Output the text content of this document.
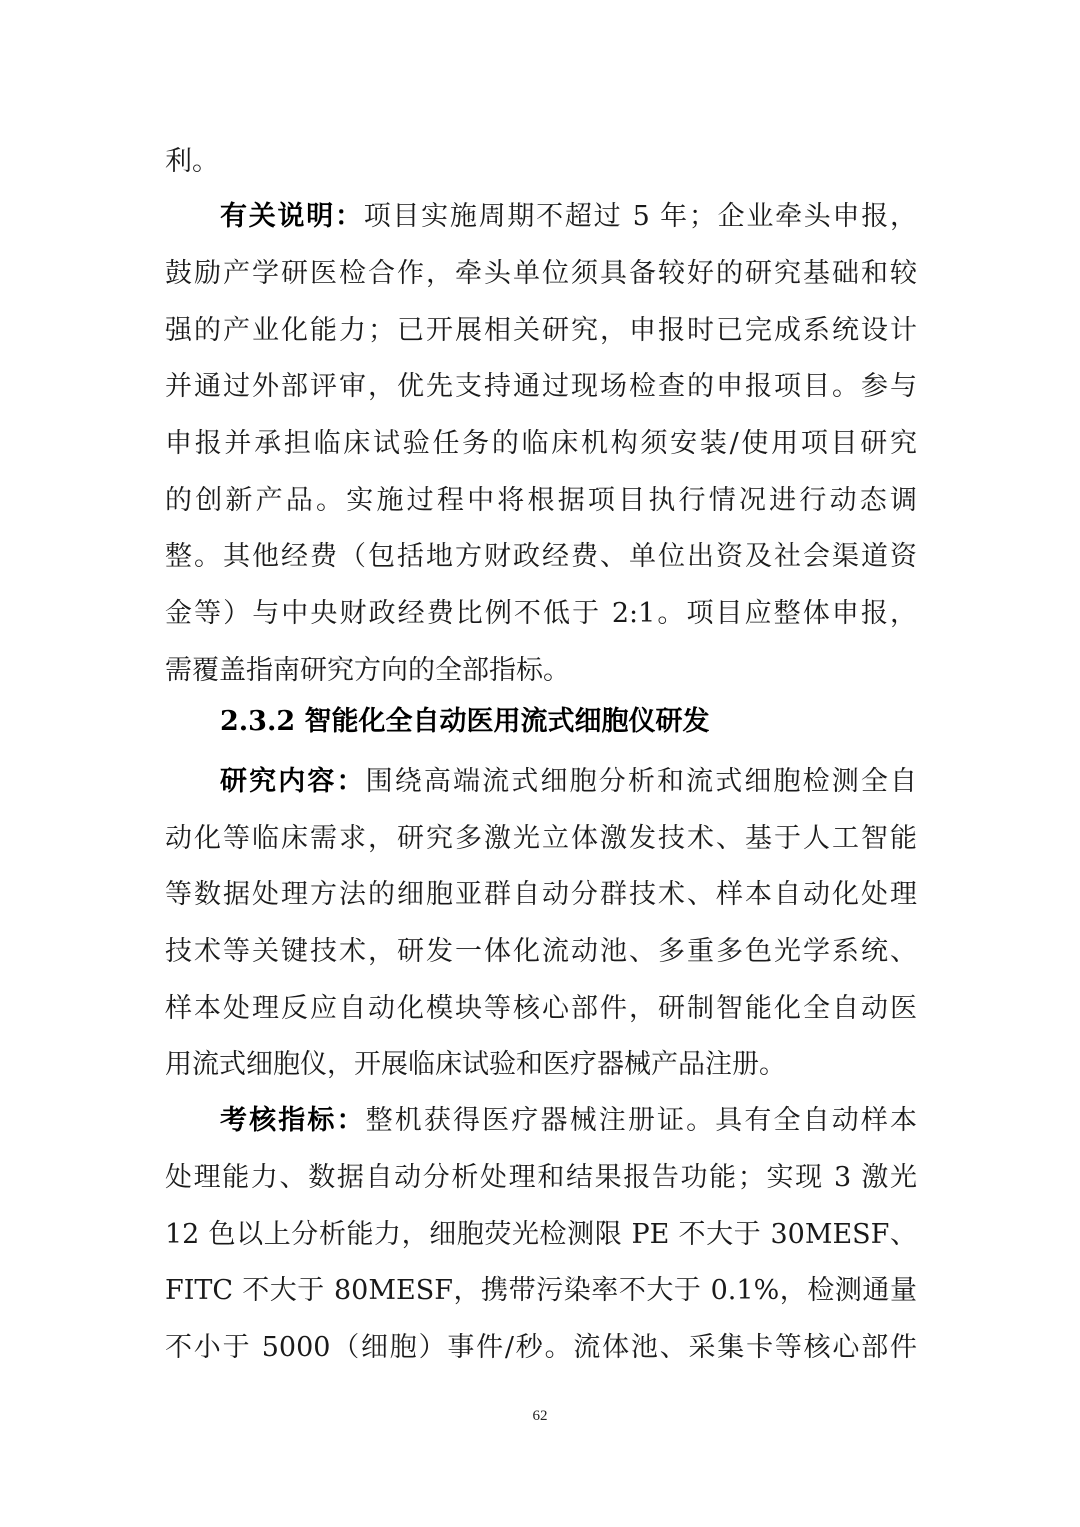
利。
有关说明：项目实施周期不超过 5 年；企业牵头申报，
鼓励产学研医检合作，牵头单位须具备较好的研究基础和较
强的产业化能力；已开展相关研究，申报时已完成系统设计
并通过外部评审，优先支持通过现场检查的申报项目。参与
申报并承担临床试验任务的临床机构须安装/使用项目研究
的创新产品。实施过程中将根据项目执行情况进行动态调
整。其他经费（包括地方财政经费、单位出资及社会渠道资
金等）与中央财政经费比例不低于 2:1。项目应整体申报，
需覆盖指南研究方向的全部指标。
2.3.2 智能化全自动医用流式细胞仪研发
研究内容：围绕高端流式细胞分析和流式细胞检测全自
动化等临床需求，研究多激光立体激发技术、基于人工智能
等数据处理方法的细胞亚群自动分群技术、样本自动化处理
技术等关键技术，研发一体化流动池、多重多色光学系统、
样本处理反应自动化模块等核心部件，研制智能化全自动医
用流式细胞仪，开展临床试验和医疗器械产品注册。
考核指标：整机获得医疗器械注册证。具有全自动样本
处理能力、数据自动分析处理和结果报告功能；实现 3 激光
12 色以上分析能力，细胞荧光检测限 PE 不大于 30MESF、
FITC 不大于 80MESF，携带污染率不大于 0.1%，检测通量
不小于 5000（细胞）事件/秒。流体池、采集卡等核心部件
62
